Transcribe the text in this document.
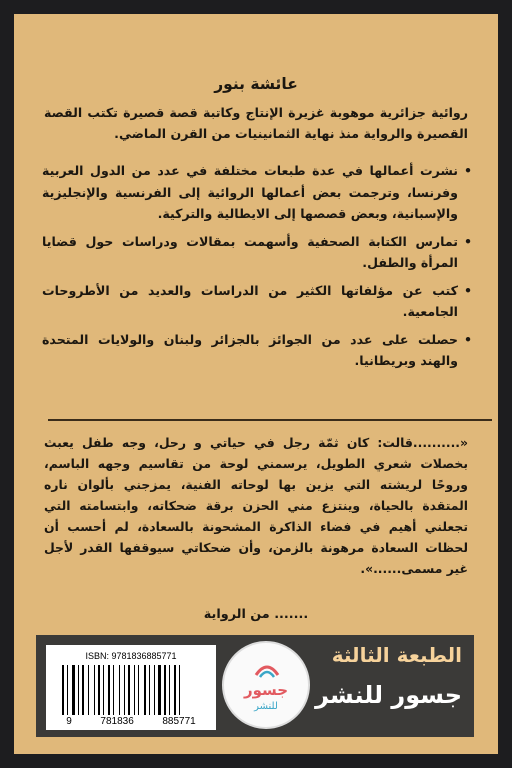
عائشة بنور
روائية جزائرية موهوبة غزيرة الإنتاج وكاتبة قصة قصيرة تكتب القصة القصيرة والرواية منذ نهاية الثمانينيات من القرن الماضي.
•
نشرت أعمالها في عدة طبعات مختلفة في عدد من الدول العربية وفرنسا، وترجمت بعض أعمالها الروائية إلى الفرنسية والإنجليزية والإسبانية، وبعض قصصها إلى الايطالية والتركية.
•
تمارس الكتابة الصحفية وأسهمت بمقالات ودراسات حول قضايا المرأة والطفل.
•
كتب عن مؤلفاتها الكثير من الدراسات والعديد من الأطروحات الجامعية.
•
حصلت على عدد من الجوائز بالجزائر ولبنان والولايات المتحدة والهند وبريطانيا.
«..........قالت: كان ثمّة رجل في حياتي و رحل، وجه طفل يعبث بخصلات شعري الطويل، يرسمني لوحة من تقاسيم وجهه الباسم، وروحًا لريشته التي يزين بها لوحاته الفنية، يمزجني بألوان ناره المتقدة بالحياة، وينتزع مني الحزن برقة ضحكاته، وابتسامته التي تجعلني أهيم في فضاء الذاكرة المشحونة بالسعادة، لم أحسب أن لحظات السعادة مرهونة بالزمن، وأن ضحكاتي سيوقفها القدر لأجل غير مسمى......».
....... من الرواية
ISBN: 9781836885771
9	781836	885771
جسور
للنشر
الطبعة الثالثة
جسور للنشر
